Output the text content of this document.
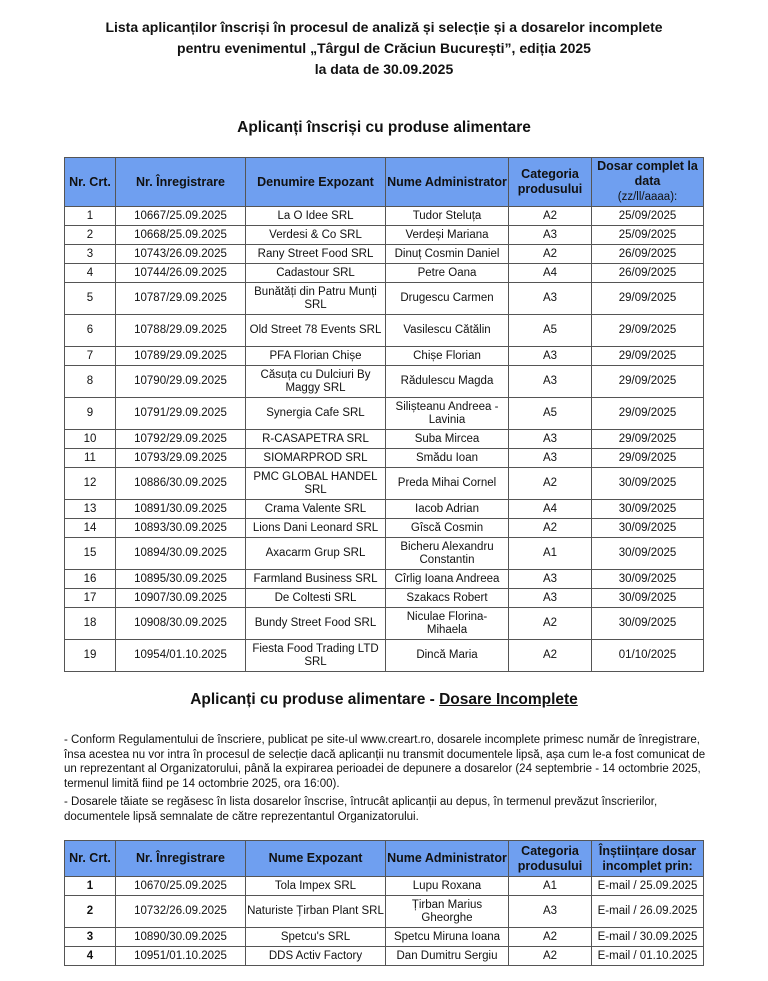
Lista aplicanților înscriși în procesul de analiză și selecție și a dosarelor incomplete
pentru evenimentul „Târgul de Crăciun București”, ediția 2025
la data de 30.09.2025
Aplicanți înscriși cu produse alimentare
Nr. Crt.	Nr. Înregistrare	Denumire Expozant	Nume Administrator	Categoria produsului	Dosar complet la data
(zz/ll/aaaa):
1	10667/25.09.2025	La O Idee SRL	Tudor Steluța	A2	25/09/2025
2	10668/25.09.2025	Verdesi & Co SRL	Verdeși Mariana	A3	25/09/2025
3	10743/26.09.2025	Rany Street Food SRL	Dinuț Cosmin Daniel	A2	26/09/2025
4	10744/26.09.2025	Cadastour SRL	Petre Oana	A4	26/09/2025
5	10787/29.09.2025	Bunătăți din Patru Munți SRL	Drugescu Carmen	A3	29/09/2025
6	10788/29.09.2025	Old Street 78 Events SRL	Vasilescu Cătălin	A5	29/09/2025
7	10789/29.09.2025	PFA Florian Chișe	Chișe Florian	A3	29/09/2025
8	10790/29.09.2025	Căsuța cu Dulciuri By Maggy SRL	Rădulescu Magda	A3	29/09/2025
9	10791/29.09.2025	Synergia Cafe SRL	Silișteanu Andreea - Lavinia	A5	29/09/2025
10	10792/29.09.2025	R-CASAPETRA SRL	Suba Mircea	A3	29/09/2025
11	10793/29.09.2025	SIOMARPROD SRL	Smădu Ioan	A3	29/09/2025
12	10886/30.09.2025	PMC GLOBAL HANDEL SRL	Preda Mihai Cornel	A2	30/09/2025
13	10891/30.09.2025	Crama Valente SRL	Iacob Adrian	A4	30/09/2025
14	10893/30.09.2025	Lions Dani Leonard SRL	Gîscă Cosmin	A2	30/09/2025
15	10894/30.09.2025	Axacarm Grup SRL	Bicheru Alexandru Constantin	A1	30/09/2025
16	10895/30.09.2025	Farmland Business SRL	Cîrlig Ioana Andreea	A3	30/09/2025
17	10907/30.09.2025	De Coltesti SRL	Szakacs Robert	A3	30/09/2025
18	10908/30.09.2025	Bundy Street Food SRL	Niculae Florina-Mihaela	A2	30/09/2025
19	10954/01.10.2025	Fiesta Food Trading LTD SRL	Dincă Maria	A2	01/10/2025
Aplicanți cu produse alimentare - Dosare Incomplete

- Conform Regulamentului de înscriere, publicat pe site-ul www.creart.ro, dosarele incomplete primesc număr de înregistrare, însa acestea nu vor intra în procesul de selecție dacă aplicanții nu transmit documentele lipsă, așa cum le-a fost comunicat de un reprezentant al Organizatorului, până la expirarea perioadei de depunere a dosarelor (24 septembrie - 14 octombrie 2025, termenul limită fiind pe 14 octombrie 2025, ora 16:00).

- Dosarele tăiate se regăsesc în lista dosarelor înscrise, întrucât aplicanții au depus, în termenul prevăzut înscrierilor, documentele lipsă semnalate de către reprezentantul Organizatorului.

Nr. Crt.	Nr. Înregistrare	Nume Expozant	Nume Administrator	Categoria produsului	Înștiințare dosar incomplet prin:
1	10670/25.09.2025	Tola Impex SRL	Lupu Roxana	A1	E-mail / 25.09.2025
2	10732/26.09.2025	Naturiste Țirban Plant SRL	Țirban Marius Gheorghe	A3	E-mail / 26.09.2025
3	10890/30.09.2025	Spetcu's SRL	Spetcu Miruna Ioana	A2	E-mail / 30.09.2025
4	10951/01.10.2025	DDS Activ Factory	Dan Dumitru Sergiu	A2	E-mail / 01.10.2025
